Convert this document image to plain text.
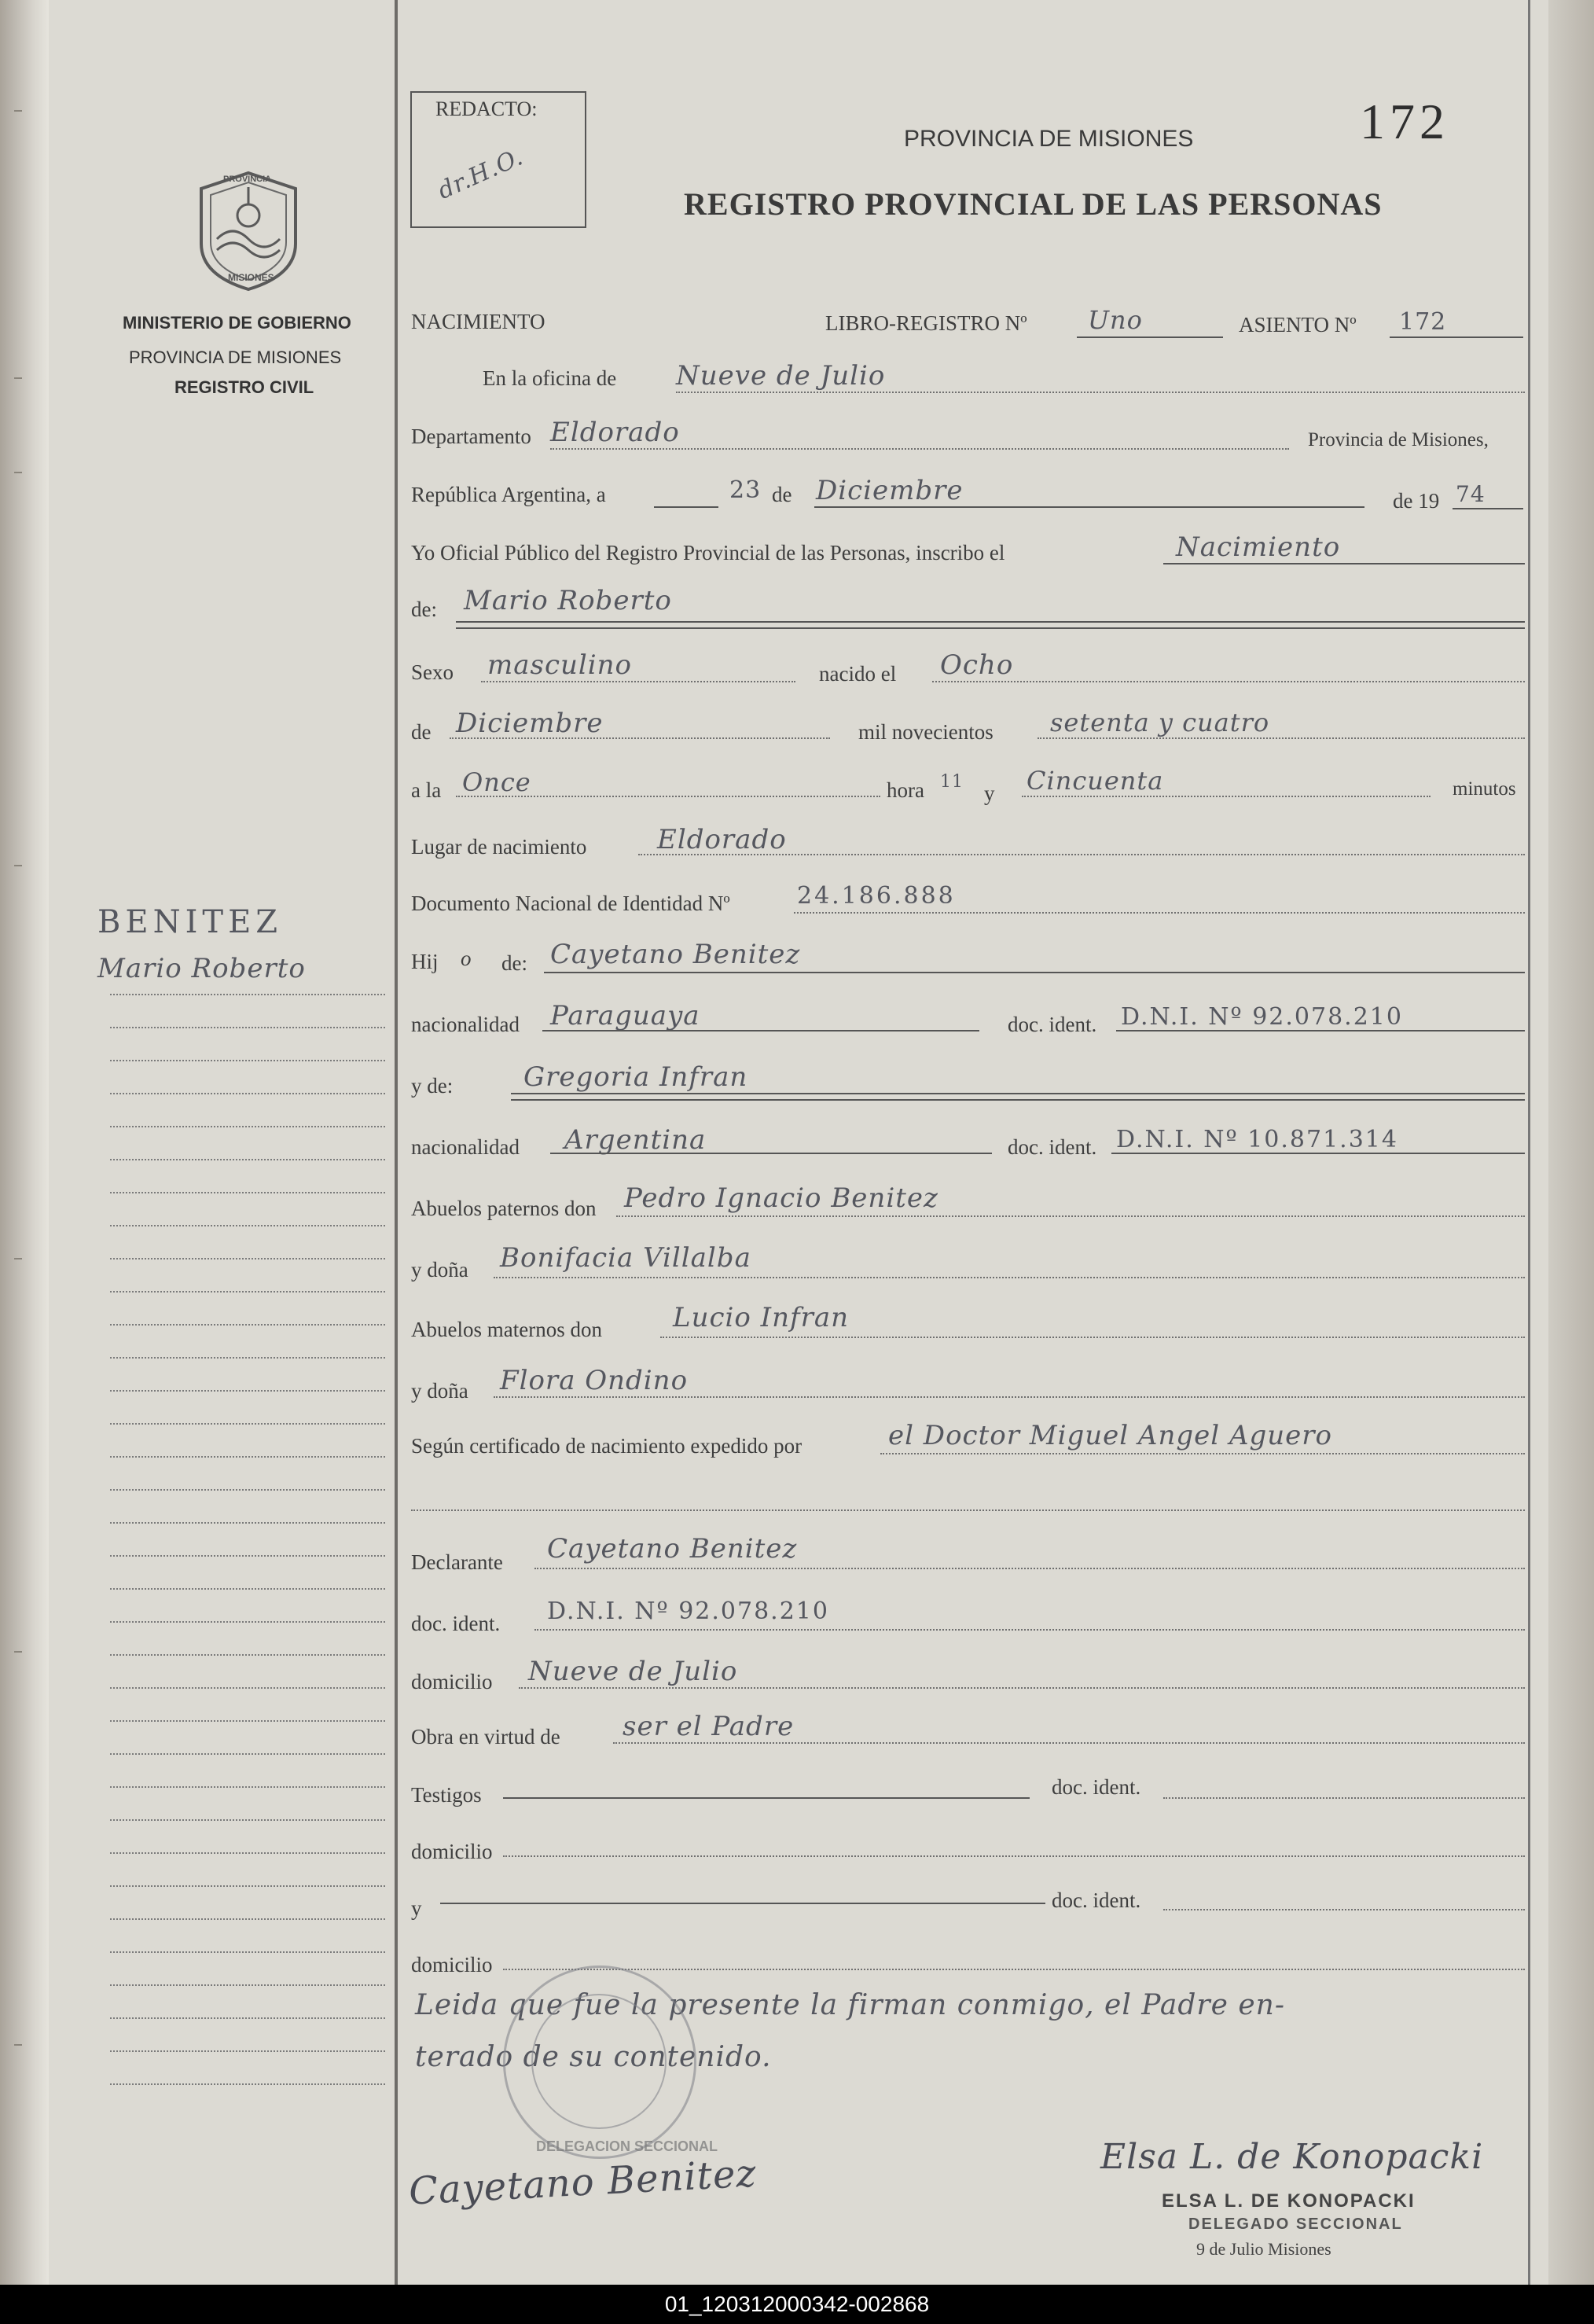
PROVINCIA
MISIONES
MINISTERIO DE GOBIERNO
PROVINCIA DE MISIONES
REGISTRO CIVIL
BENITEZ
Mario Roberto
REDACTO:
dr.H.O.
PROVINCIA DE MISIONES	172
REGISTRO PROVINCIAL DE LAS PERSONAS
NACIMIENTO	LIBRO-REGISTRO Nº Uno	ASIENTO Nº 172
En la oficina de Nueve de Julio
Departamento Eldorado	Provincia de Misiones,
República Argentina, a	23 de Diciembre	de 19 74
Yo Oficial Público del Registro Provincial de las Personas, inscribo el	Nacimiento
de: Mario Roberto
Sexo masculino	nacido el Ocho
de Diciembre	mil novecientos setenta y cuatro
a la Once	hora 11 y Cincuenta	minutos
Lugar de nacimiento	Eldorado
Documento Nacional de Identidad Nº	24.186.888
Hij o de: Cayetano Benitez
nacionalidad Paraguaya	doc. ident. D.N.I. Nº 92.078.210
y de:	Gregoria Infran
nacionalidad Argentina	doc. ident. D.N.I. Nº 10.871.314
Abuelos paternos don Pedro Ignacio Benitez
y doña Bonifacia Villalba
Abuelos maternos don	Lucio Infran
y doña Flora Ondino
Según certificado de nacimiento expedido por	el Doctor Miguel Angel Aguero
Declarante Cayetano Benitez
doc. ident. D.N.I. Nº 92.078.210
domicilio Nueve de Julio
Obra en virtud de ser el Padre
Testigos	doc. ident.
domicilio
y	doc. ident.
domicilio
Leida que fue la presente la firman conmigo, el Padre en-
terado de su contenido.
DELEGACION SECCIONAL
Cayetano Benitez	Elsa L. de Konopacki
ELSA L. DE KONOPACKI
DELEGADO SECCIONAL
9 de Julio Misiones
01_120312000342-002868
